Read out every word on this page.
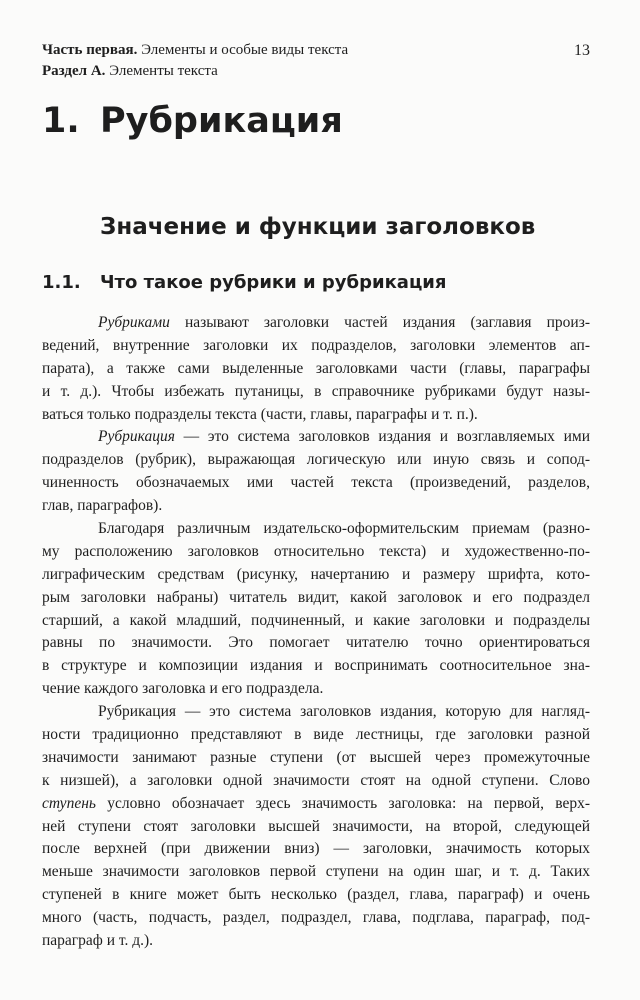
Часть первая. Элементы и особые виды текста
Раздел А. Элементы текста
13
1. Рубрикация
Значение и функции заголовков
1.1. Что такое рубрики и рубрикация
Рубриками называют заголовки частей издания (заглавия произ-
ведений, внутренние заголовки их подразделов, заголовки элементов ап-
парата), а также сами выделенные заголовками части (главы, параграфы
и т. д.). Чтобы избежать путаницы, в справочнике рубриками будут назы-
ваться только подразделы текста (части, главы, параграфы и т. п.).
Рубрикация — это система заголовков издания и возглавляемых ими
подразделов (рубрик), выражающая логическую или иную связь и сопод-
чиненность обозначаемых ими частей текста (произведений, разделов,
глав, параграфов).
Благодаря различным издательско-оформительским приемам (разно-
му расположению заголовков относительно текста) и художественно-по-
лиграфическим средствам (рисунку, начертанию и размеру шрифта, кото-
рым заголовки набраны) читатель видит, какой заголовок и его подраздел
старший, а какой младший, подчиненный, и какие заголовки и подразделы
равны по значимости. Это помогает читателю точно ориентироваться
в структуре и композиции издания и воспринимать соотносительное зна-
чение каждого заголовка и его подраздела.
Рубрикация — это система заголовков издания, которую для нагляд-
ности традиционно представляют в виде лестницы, где заголовки разной
значимости занимают разные ступени (от высшей через промежуточные
к низшей), а заголовки одной значимости стоят на одной ступени. Слово
ступень условно обозначает здесь значимость заголовка: на первой, верх-
ней ступени стоят заголовки высшей значимости, на второй, следующей
после верхней (при движении вниз) — заголовки, значимость которых
меньше значимости заголовков первой ступени на один шаг, и т. д. Таких
ступеней в книге может быть несколько (раздел, глава, параграф) и очень
много (часть, подчасть, раздел, подраздел, глава, подглава, параграф, под-
параграф и т. д.).
